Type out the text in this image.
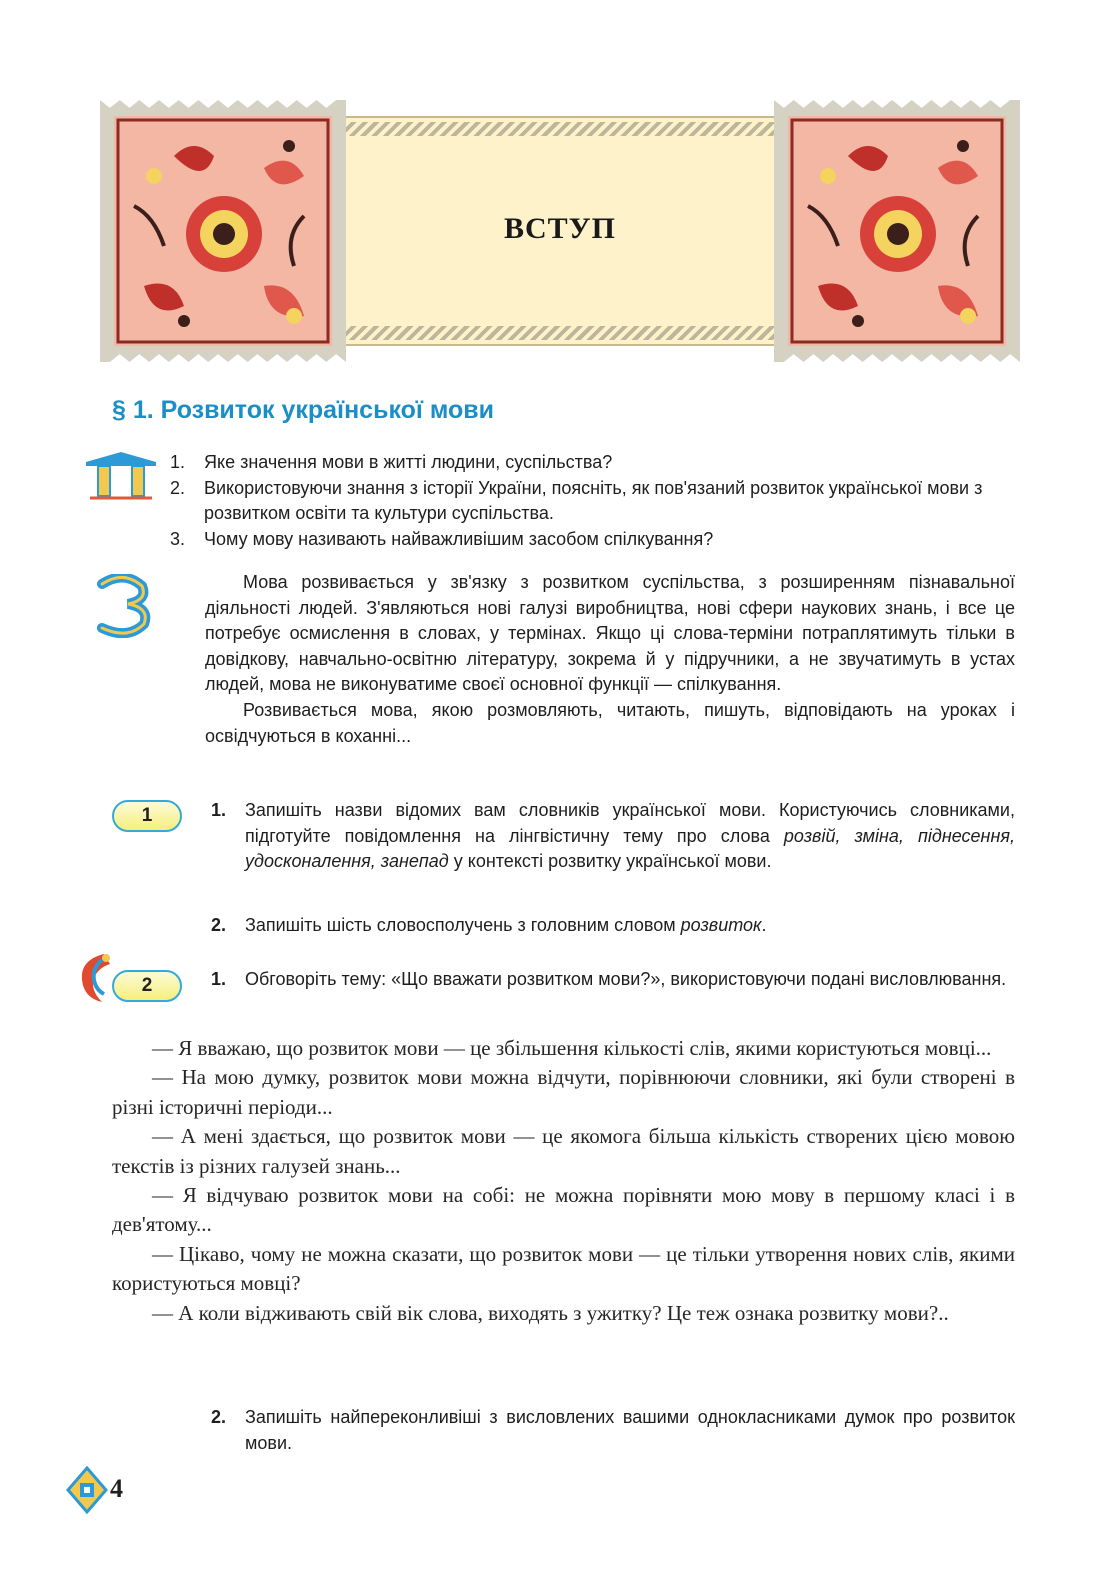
ВСТУП
§ 1. Розвиток української мови
1. Яке значення мови в житті людини, суспільства?
2. Використовуючи знання з історії України, поясніть, як пов'язаний розвиток української мови з розвитком освіти та культури суспільства.
3. Чому мову називають найважливішим засобом спілкування?

Мова розвивається у зв'язку з розвитком суспільства, з розширенням пізнавальної діяльності людей. З'являються нові галузі виробництва, нові сфери наукових знань, і все це потребує осмислення в словах, у термінах. Якщо ці слова-терміни потраплятимуть тільки в довідкову, навчально-освітню літературу, зокрема й у підручники, а не звучатимуть в устах людей, мова не виконуватиме своєї основної функції — спілкування.

Розвивається мова, якою розмовляють, читають, пишуть, відповідають на уроках і освідчуються в коханні...

1	1. Запишіть назви відомих вам словників української мови. Користуючись словниками, підготуйте повідомлення на лінгвістичну тему про слова розвій, зміна, піднесення, удосконалення, занепад у контексті розвитку української мови.
2. Запишіть шість словосполучень з головним словом розвиток.
2	1. Обговоріть тему: «Що вважати розвитком мови?», використовуючи подані висловлювання.

— Я вважаю, що розвиток мови — це збільшення кількості слів, якими користуються мовці...

— На мою думку, розвиток мови можна відчути, порівнюючи словники, які були створені в різні історичні періоди...

— А мені здається, що розвиток мови — це якомога більша кількість створених цією мовою текстів із різних галузей знань...

— Я відчуваю розвиток мови на собі: не можна порівняти мою мову в першому класі і в дев'ятому...

— Цікаво, чому не можна сказати, що розвиток мови — це тільки утворення нових слів, якими користуються мовці?

— А коли відживають свій вік слова, виходять з ужитку? Це теж ознака розвитку мови?..

2. Запишіть найпереконливіші з висловлених вашими однокласниками думок про розвиток мови.
4
